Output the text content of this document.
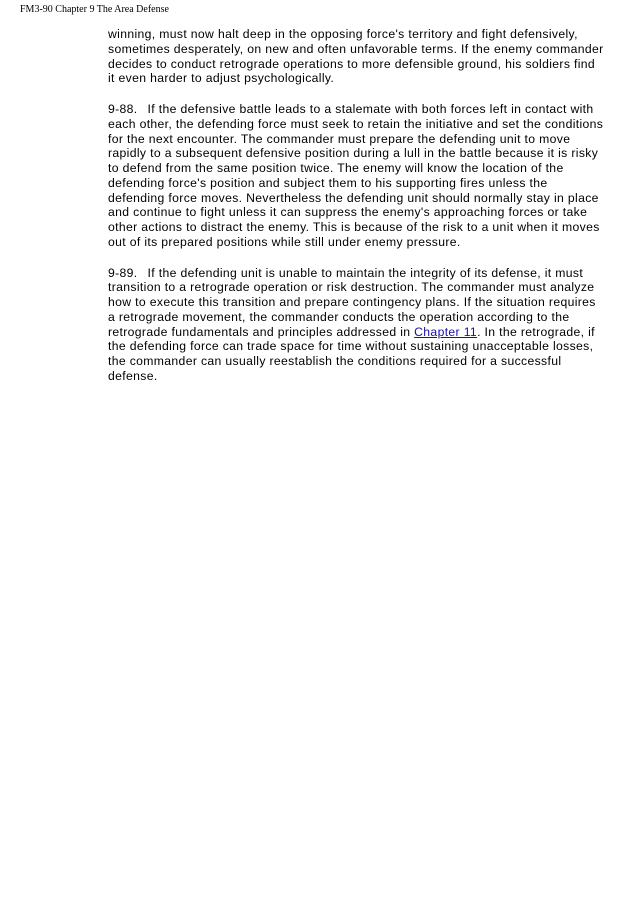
FM3-90 Chapter 9 The Area Defense

winning, must now halt deep in the opposing force's territory and fight defensively, sometimes desperately, on new and often unfavorable terms. If the enemy commander decides to conduct retrograde operations to more defensible ground, his soldiers find it even harder to adjust psychologically.

9-88. If the defensive battle leads to a stalemate with both forces left in contact with each other, the defending force must seek to retain the initiative and set the conditions for the next encounter. The commander must prepare the defending unit to move rapidly to a subsequent defensive position during a lull in the battle because it is risky to defend from the same position twice. The enemy will know the location of the defending force's position and subject them to his supporting fires unless the defending force moves. Nevertheless the defending unit should normally stay in place and continue to fight unless it can suppress the enemy's approaching forces or take other actions to distract the enemy. This is because of the risk to a unit when it moves out of its prepared positions while still under enemy pressure.

9-89. If the defending unit is unable to maintain the integrity of its defense, it must transition to a retrograde operation or risk destruction. The commander must analyze how to execute this transition and prepare contingency plans. If the situation requires a retrograde movement, the commander conducts the operation according to the retrograde fundamentals and principles addressed in Chapter 11. In the retrograde, if the defending force can trade space for time without sustaining unacceptable losses, the commander can usually reestablish the conditions required for a successful defense.
